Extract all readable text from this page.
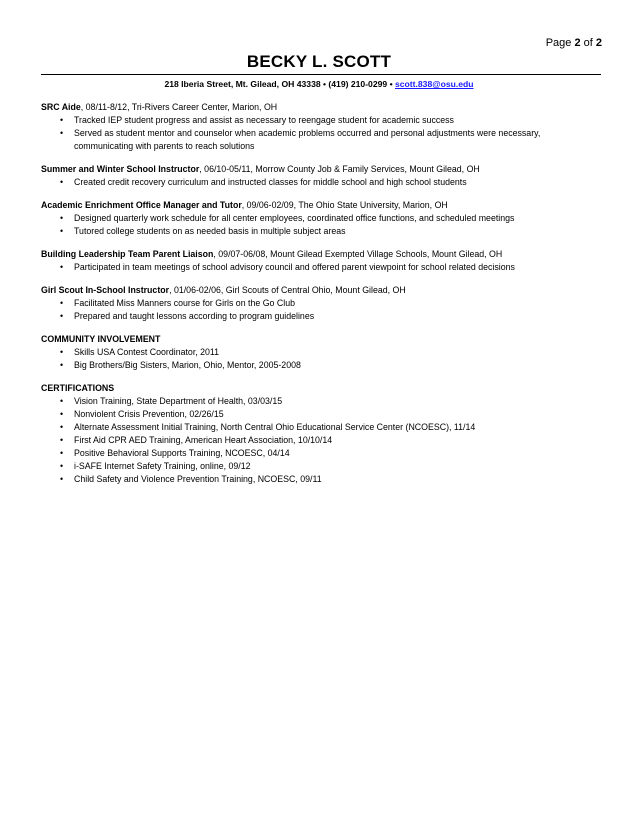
Page 2 of 2
BECKY L. SCOTT
218 Iberia Street, Mt. Gilead, OH 43338 • (419) 210-0299 • scott.838@osu.edu

SRC Aide, 08/11-8/12, Tri-Rivers Career Center, Marion, OH

• Tracked IEP student progress and assist as necessary to reengage student for academic success
• Served as student mentor and counselor when academic problems occurred and personal adjustments were necessary, communicating with parents to reach solutions

Summer and Winter School Instructor, 06/10-05/11, Morrow County Job & Family Services, Mount Gilead, OH

• Created credit recovery curriculum and instructed classes for middle school and high school students

Academic Enrichment Office Manager and Tutor, 09/06-02/09, The Ohio State University, Marion, OH

• Designed quarterly work schedule for all center employees, coordinated office functions, and scheduled meetings
• Tutored college students on as needed basis in multiple subject areas

Building Leadership Team Parent Liaison, 09/07-06/08, Mount Gilead Exempted Village Schools, Mount Gilead, OH

• Participated in team meetings of school advisory council and offered parent viewpoint for school related decisions

Girl Scout In-School Instructor, 01/06-02/06, Girl Scouts of Central Ohio, Mount Gilead, OH

• Facilitated Miss Manners course for Girls on the Go Club
• Prepared and taught lessons according to program guidelines

COMMUNITY INVOLVEMENT

• Skills USA Contest Coordinator, 2011
• Big Brothers/Big Sisters, Marion, Ohio, Mentor, 2005-2008

CERTIFICATIONS

• Vision Training, State Department of Health, 03/03/15
• Nonviolent Crisis Prevention, 02/26/15
• Alternate Assessment Initial Training, North Central Ohio Educational Service Center (NCOESC), 11/14
• First Aid CPR AED Training, American Heart Association, 10/10/14
• Positive Behavioral Supports Training, NCOESC, 04/14
• i-SAFE Internet Safety Training, online, 09/12
• Child Safety and Violence Prevention Training, NCOESC, 09/11
